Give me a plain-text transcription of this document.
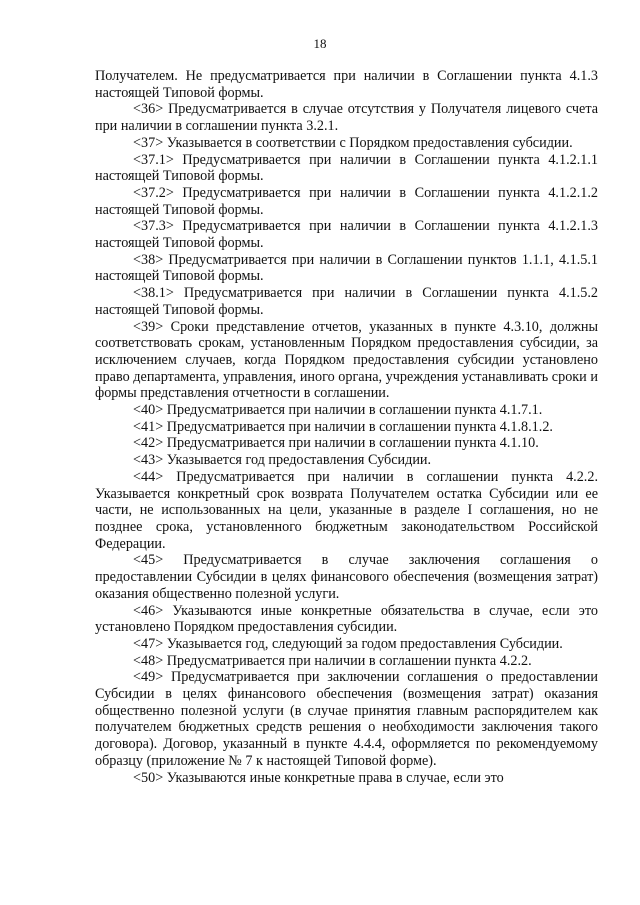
18

Получателем. Не предусматривается при наличии в Соглашении пункта 4.1.3 настоящей Типовой формы.

<36> Предусматривается в случае отсутствия у Получателя лицевого счета при наличии в соглашении пункта 3.2.1.

<37> Указывается в соответствии с Порядком предоставления субсидии.

<37.1> Предусматривается при наличии в Соглашении пункта 4.1.2.1.1 настоящей Типовой формы.

<37.2> Предусматривается при наличии в Соглашении пункта 4.1.2.1.2 настоящей Типовой формы.

<37.3> Предусматривается при наличии в Соглашении пункта 4.1.2.1.3 настоящей Типовой формы.

<38> Предусматривается при наличии в Соглашении пунктов 1.1.1, 4.1.5.1 настоящей Типовой формы.

<38.1> Предусматривается при наличии в Соглашении пункта 4.1.5.2 настоящей Типовой формы.

<39> Сроки представление отчетов, указанных в пункте 4.3.10, должны соответствовать срокам, установленным Порядком предоставления субсидии, за исключением случаев, когда Порядком предоставления субсидии установлено право департамента, управления, иного органа, учреждения устанавливать сроки и формы представления отчетности в соглашении.

<40> Предусматривается при наличии в соглашении пункта 4.1.7.1.

<41> Предусматривается при наличии в соглашении пункта 4.1.8.1.2.

<42> Предусматривается при наличии в соглашении пункта 4.1.10.

<43> Указывается год предоставления Субсидии.

<44> Предусматривается при наличии в соглашении пункта 4.2.2. Указывается конкретный срок возврата Получателем остатка Субсидии или ее части, не использованных на цели, указанные в разделе I соглашения, но не позднее срока, установленного бюджетным законодательством Российской Федерации.

<45> Предусматривается в случае заключения соглашения о предоставлении Субсидии в целях финансового обеспечения (возмещения затрат) оказания общественно полезной услуги.

<46> Указываются иные конкретные обязательства в случае, если это установлено Порядком предоставления субсидии.

<47> Указывается год, следующий за годом предоставления Субсидии.

<48> Предусматривается при наличии в соглашении пункта 4.2.2.

<49> Предусматривается при заключении соглашения о предоставлении Субсидии в целях финансового обеспечения (возмещения затрат) оказания общественно полезной услуги (в случае принятия главным распорядителем как получателем бюджетных средств решения о необходимости заключения такого договора). Договор, указанный в пункте 4.4.4, оформляется по рекомендуемому образцу (приложение № 7 к настоящей Типовой форме).

<50> Указываются иные конкретные права в случае, если это
